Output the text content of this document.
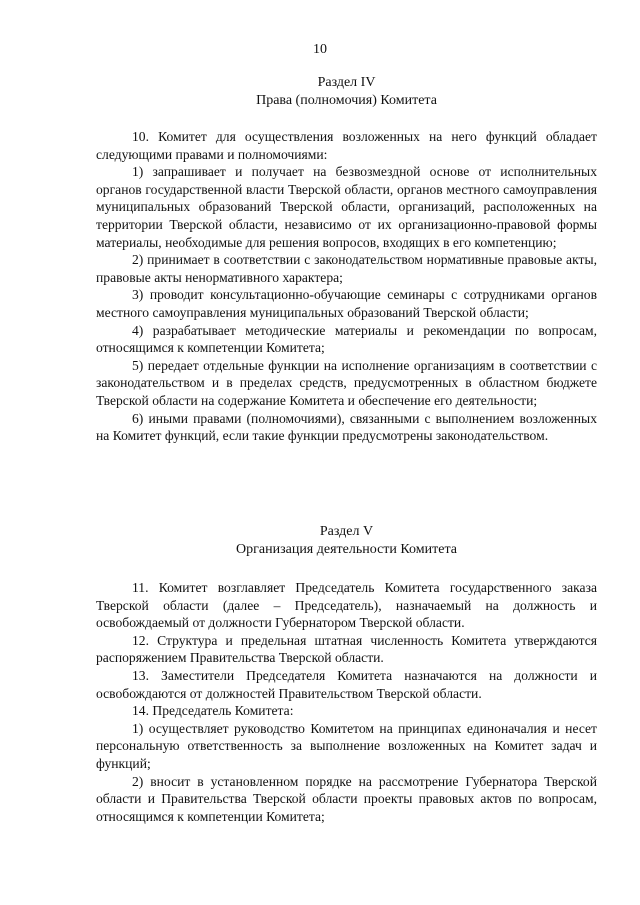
10
Раздел IV
Права (полномочия) Комитета

10. Комитет для осуществления возложенных на него функций обладает следующими правами и полномочиями:

1) запрашивает и получает на безвозмездной основе от исполнительных органов государственной власти Тверской области, органов местного самоуправления муниципальных образований Тверской области, организаций, расположенных на территории Тверской области, независимо от их организационно-правовой формы материалы, необходимые для решения вопросов, входящих в его компетенцию;

2) принимает в соответствии с законодательством нормативные правовые акты, правовые акты ненормативного характера;

3) проводит консультационно-обучающие семинары с сотрудниками органов местного самоуправления муниципальных образований Тверской области;

4) разрабатывает методические материалы и рекомендации по вопросам, относящимся к компетенции Комитета;

5) передает отдельные функции на исполнение организациям в соответствии с законодательством и в пределах средств, предусмотренных в областном бюджете Тверской области на содержание Комитета и обеспечение его деятельности;

6) иными правами (полномочиями), связанными с выполнением возложенных на Комитет функций, если такие функции предусмотрены законодательством.

Раздел V
Организация деятельности Комитета

11. Комитет возглавляет Председатель Комитета государственного заказа Тверской области (далее – Председатель), назначаемый на должность и освобождаемый от должности Губернатором Тверской области.

12. Структура и предельная штатная численность Комитета утверждаются распоряжением Правительства Тверской области.

13. Заместители Председателя Комитета назначаются на должности и освобождаются от должностей Правительством Тверской области.

14. Председатель Комитета:

1) осуществляет руководство Комитетом на принципах единоначалия и несет персональную ответственность за выполнение возложенных на Комитет задач и функций;

2) вносит в установленном порядке на рассмотрение Губернатора Тверской области и Правительства Тверской области проекты правовых актов по вопросам, относящимся к компетенции Комитета;
